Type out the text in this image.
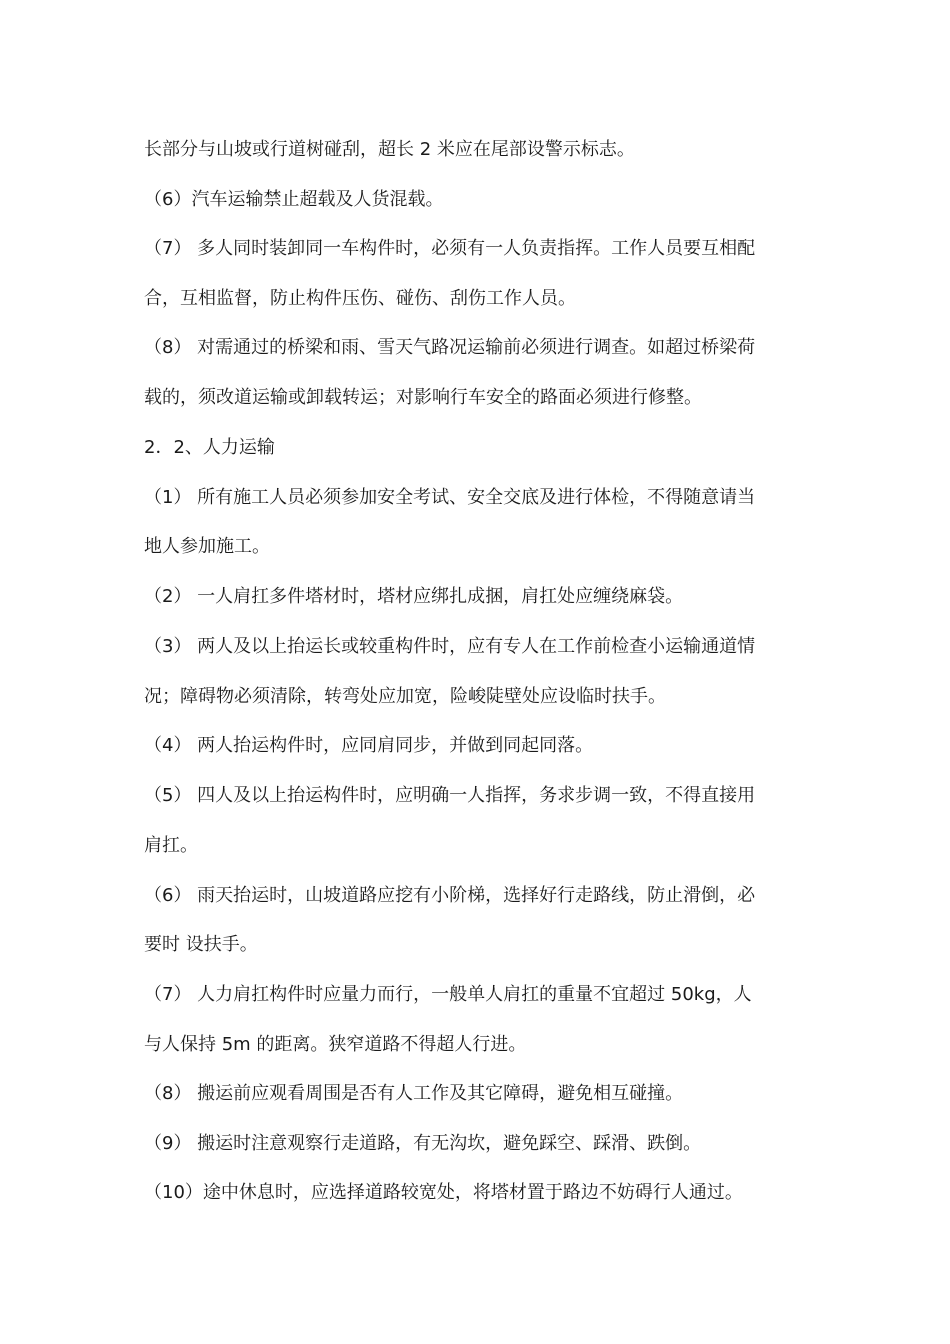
长部分与山坡或行道树碰刮，超长 2 米应在尾部设警示标志。

（6）汽车运输禁止超载及人货混载。

（7） 多人同时装卸同一车构件时，必须有一人负责指挥。工作人员要互相配

合，互相监督，防止构件压伤、碰伤、刮伤工作人员。

（8） 对需通过的桥梁和雨、雪天气路况运输前必须进行调查。如超过桥梁荷

载的，须改道运输或卸载转运；对影响行车安全的路面必须进行修整。

2．2、人力运输

（1） 所有施工人员必须参加安全考试、安全交底及进行体检，不得随意请当

地人参加施工。

（2） 一人肩扛多件塔材时，塔材应绑扎成捆，肩扛处应缠绕麻袋。

（3） 两人及以上抬运长或较重构件时，应有专人在工作前检查小运输通道情

况；障碍物必须清除，转弯处应加宽，险峻陡壁处应设临时扶手。

（4） 两人抬运构件时，应同肩同步，并做到同起同落。

（5） 四人及以上抬运构件时，应明确一人指挥，务求步调一致，不得直接用

肩扛。

（6） 雨天抬运时，山坡道路应挖有小阶梯，选择好行走路线，防止滑倒，必

要时 设扶手。

（7） 人力肩扛构件时应量力而行，一般单人肩扛的重量不宜超过 50kg，人

与人保持 5m 的距离。狭窄道路不得超人行进。

（8） 搬运前应观看周围是否有人工作及其它障碍，避免相互碰撞。

（9） 搬运时注意观察行走道路，有无沟坎，避免踩空、踩滑、跌倒。

（10）途中休息时，应选择道路较宽处，将塔材置于路边不妨碍行人通过。
